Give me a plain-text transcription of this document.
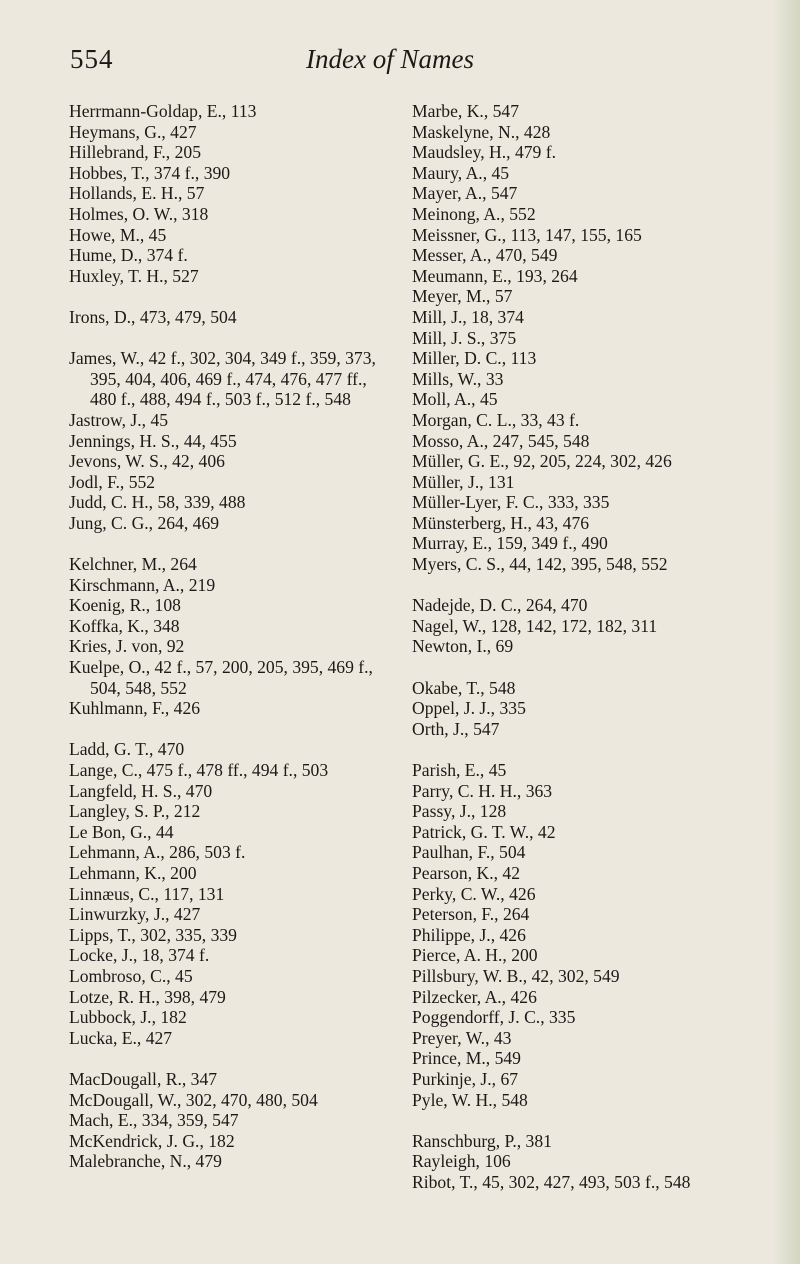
554	Index of Names
Herrmann-Goldap, E., 113
Heymans, G., 427
Hillebrand, F., 205
Hobbes, T., 374 f., 390
Hollands, E. H., 57
Holmes, O. W., 318
Howe, M., 45
Hume, D., 374 f.
Huxley, T. H., 527
Irons, D., 473, 479, 504
James, W., 42 f., 302, 304, 349 f., 359, 373, 395, 404, 406, 469 f., 474, 476, 477 ff., 480 f., 488, 494 f., 503 f., 512 f., 548
Jastrow, J., 45
Jennings, H. S., 44, 455
Jevons, W. S., 42, 406
Jodl, F., 552
Judd, C. H., 58, 339, 488
Jung, C. G., 264, 469
Kelchner, M., 264
Kirschmann, A., 219
Koenig, R., 108
Koffka, K., 348
Kries, J. von, 92
Kuelpe, O., 42 f., 57, 200, 205, 395, 469 f., 504, 548, 552
Kuhlmann, F., 426
Ladd, G. T., 470
Lange, C., 475 f., 478 ff., 494 f., 503
Langfeld, H. S., 470
Langley, S. P., 212
Le Bon, G., 44
Lehmann, A., 286, 503 f.
Lehmann, K., 200
Linnæus, C., 117, 131
Linwurzky, J., 427
Lipps, T., 302, 335, 339
Locke, J., 18, 374 f.
Lombroso, C., 45
Lotze, R. H., 398, 479
Lubbock, J., 182
Lucka, E., 427
MacDougall, R., 347
McDougall, W., 302, 470, 480, 504
Mach, E., 334, 359, 547
McKendrick, J. G., 182
Malebranche, N., 479
Marbe, K., 547
Maskelyne, N., 428
Maudsley, H., 479 f.
Maury, A., 45
Mayer, A., 547
Meinong, A., 552
Meissner, G., 113, 147, 155, 165
Messer, A., 470, 549
Meumann, E., 193, 264
Meyer, M., 57
Mill, J., 18, 374
Mill, J. S., 375
Miller, D. C., 113
Mills, W., 33
Moll, A., 45
Morgan, C. L., 33, 43 f.
Mosso, A., 247, 545, 548
Müller, G. E., 92, 205, 224, 302, 426
Müller, J., 131
Müller-Lyer, F. C., 333, 335
Münsterberg, H., 43, 476
Murray, E., 159, 349 f., 490
Myers, C. S., 44, 142, 395, 548, 552
Nadejde, D. C., 264, 470
Nagel, W., 128, 142, 172, 182, 311
Newton, I., 69
Okabe, T., 548
Oppel, J. J., 335
Orth, J., 547
Parish, E., 45
Parry, C. H. H., 363
Passy, J., 128
Patrick, G. T. W., 42
Paulhan, F., 504
Pearson, K., 42
Perky, C. W., 426
Peterson, F., 264
Philippe, J., 426
Pierce, A. H., 200
Pillsbury, W. B., 42, 302, 549
Pilzecker, A., 426
Poggendorff, J. C., 335
Preyer, W., 43
Prince, M., 549
Purkinje, J., 67
Pyle, W. H., 548
Ranschburg, P., 381
Rayleigh, 106
Ribot, T., 45, 302, 427, 493, 503 f., 548
